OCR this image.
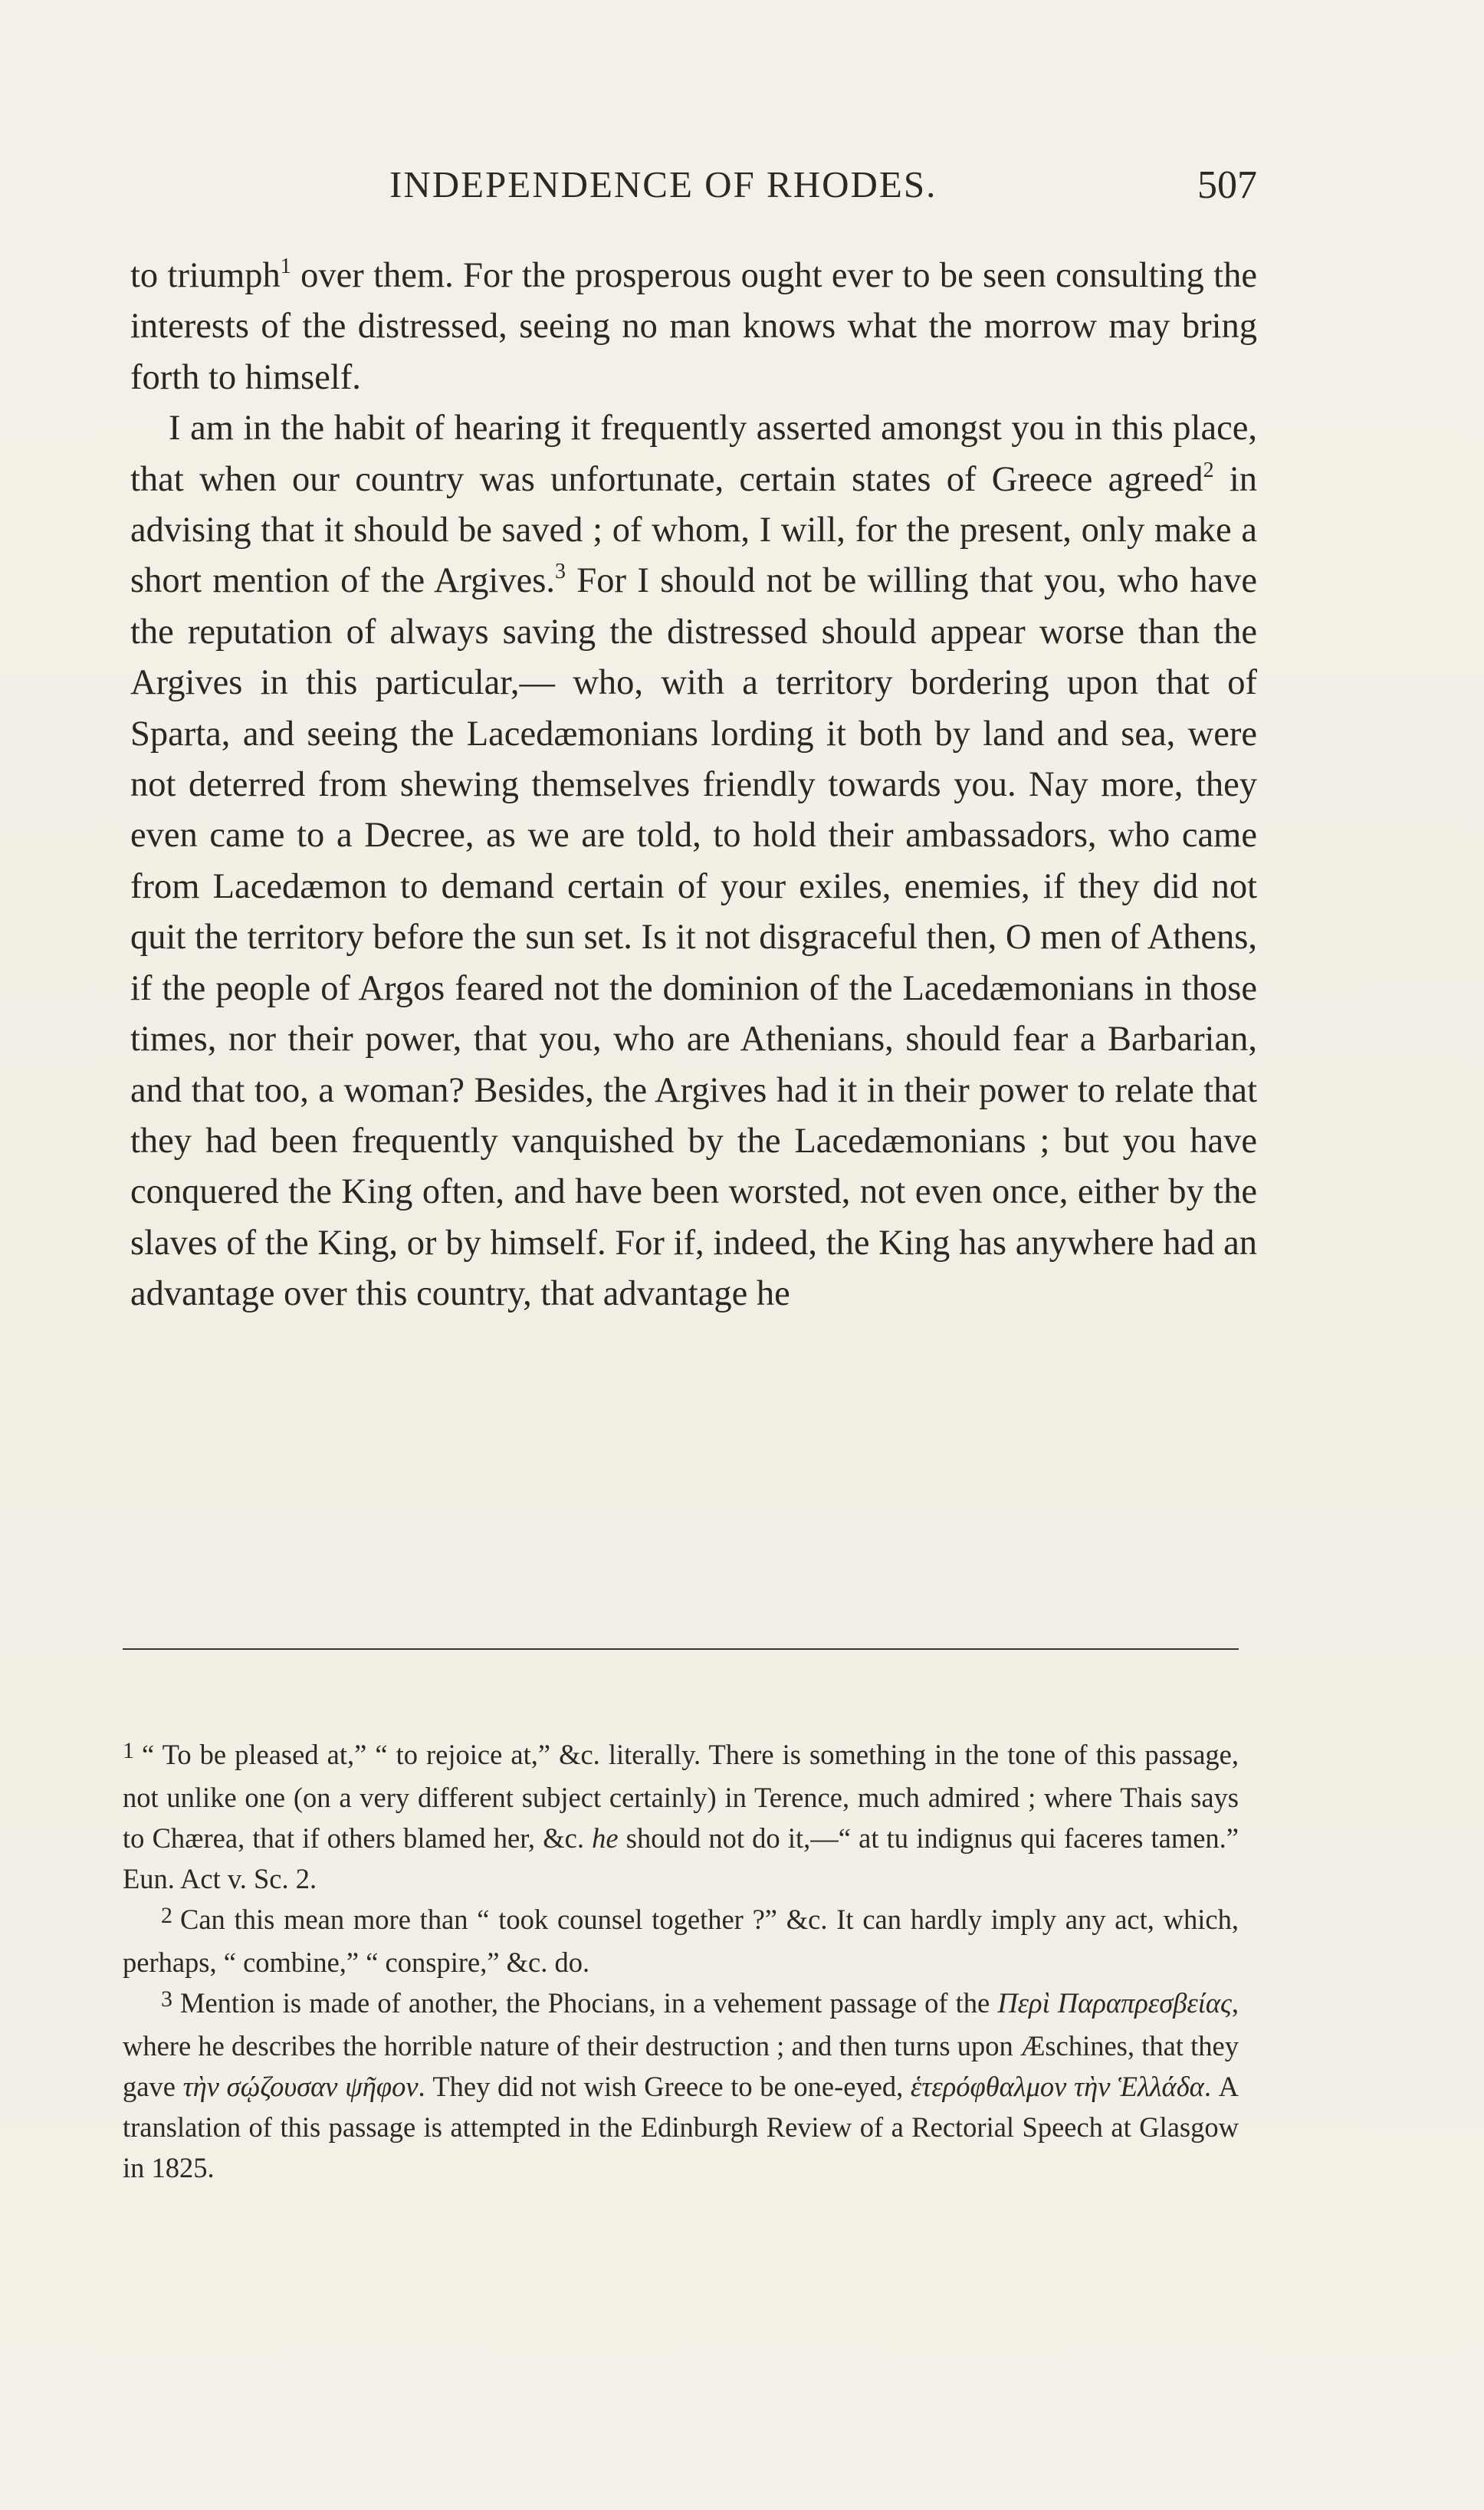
INDEPENDENCE OF RHODES.	507

to triumph$^1$ over them. For the prosperous ought ever to be seen consulting the interests of the distressed, seeing no man knows what the morrow may bring forth to himself.

I am in the habit of hearing it frequently asserted amongst you in this place, that when our country was unfortunate, certain states of Greece agreed$^2$ in advising that it should be saved ; of whom, I will, for the present, only make a short mention of the Argives.$^3$ For I should not be willing that you, who have the reputation of always saving the distressed should appear worse than the Argives in this particular,— who, with a territory bordering upon that of Sparta, and seeing the Lacedæmonians lording it both by land and sea, were not deterred from shewing themselves friendly towards you. Nay more, they even came to a Decree, as we are told, to hold their ambassadors, who came from Lacedæmon to demand certain of your exiles, enemies, if they did not quit the territory before the sun set. Is it not disgraceful then, O men of Athens, if the people of Argos feared not the dominion of the Lacedæmonians in those times, nor their power, that you, who are Athenians, should fear a Barbarian, and that too, a woman? Besides, the Argives had it in their power to relate that they had been frequently vanquished by the Lacedæmonians ; but you have conquered the King often, and have been worsted, not even once, either by the slaves of the King, or by himself. For if, indeed, the King has anywhere had an advantage over this country, that advantage he

$^1$ “ To be pleased at,” “ to rejoice at,” &c. literally. There is something in the tone of this passage, not unlike one (on a very different subject certainly) in Terence, much admired ; where Thais says to Chærea, that if others blamed her, &c. he should not do it,—“ at tu indignus qui faceres tamen.” Eun. Act v. Sc. 2.

$^2$ Can this mean more than “ took counsel together ?” &c. It can hardly imply any act, which, perhaps, “ combine,” “ conspire,” &c. do.

$^3$ Mention is made of another, the Phocians, in a vehement passage of the Περὶ Παραπρεσβείας, where he describes the horrible nature of their destruction ; and then turns upon Æschines, that they gave τὴν σῴζουσαν ψῆφον. They did not wish Greece to be one-eyed, ἑτερόφθαλμον τὴν Ἑλλάδα. A translation of this passage is attempted in the Edinburgh Review of a Rectorial Speech at Glasgow in 1825.
